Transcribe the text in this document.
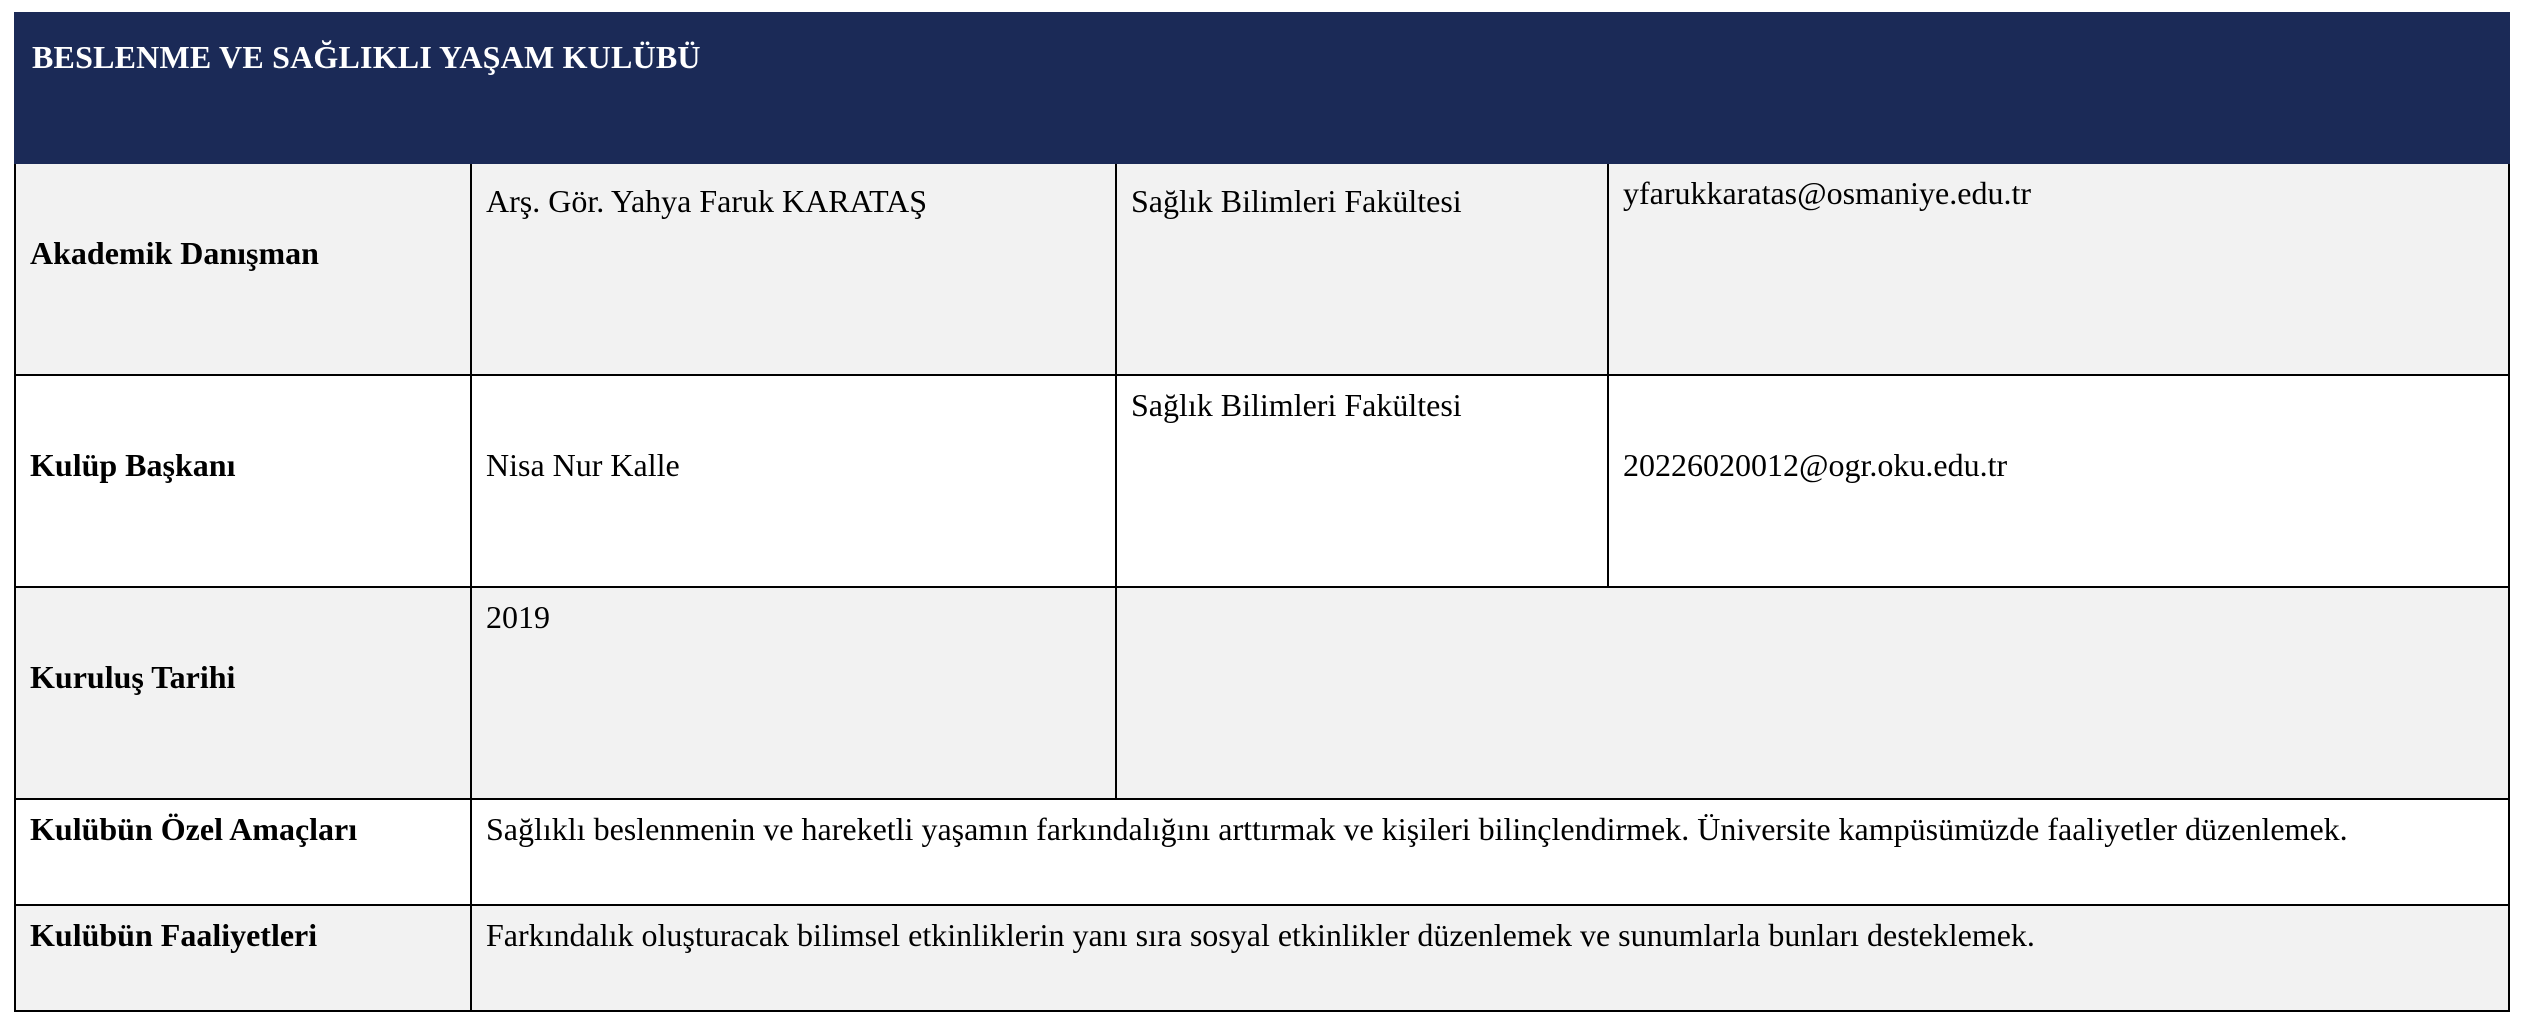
BESLENME VE SAĞLIKLI YAŞAM KULÜBÜ			

Akademik Danışman	Arş. Gör. Yahya Faruk KARATAŞ	Sağlık Bilimleri Fakültesi	yfarukkaratas@osmaniye.edu.tr

Kulüp Başkanı	Nisa Nur Kalle	Sağlık Bilimleri Fakültesi	20226020012@ogr.oku.edu.tr

Kuruluş Tarihi	2019		

Kulübün Özel Amaçları	Sağlıklı beslenmenin ve hareketli yaşamın farkındalığını arttırmak ve kişileri bilinçlendirmek. Üniversite kampüsümüzde faaliyetler düzenlemek.		

Kulübün Faaliyetleri	Farkındalık oluşturacak bilimsel etkinliklerin yanı sıra sosyal etkinlikler düzenlemek ve sunumlarla bunları desteklemek.		
